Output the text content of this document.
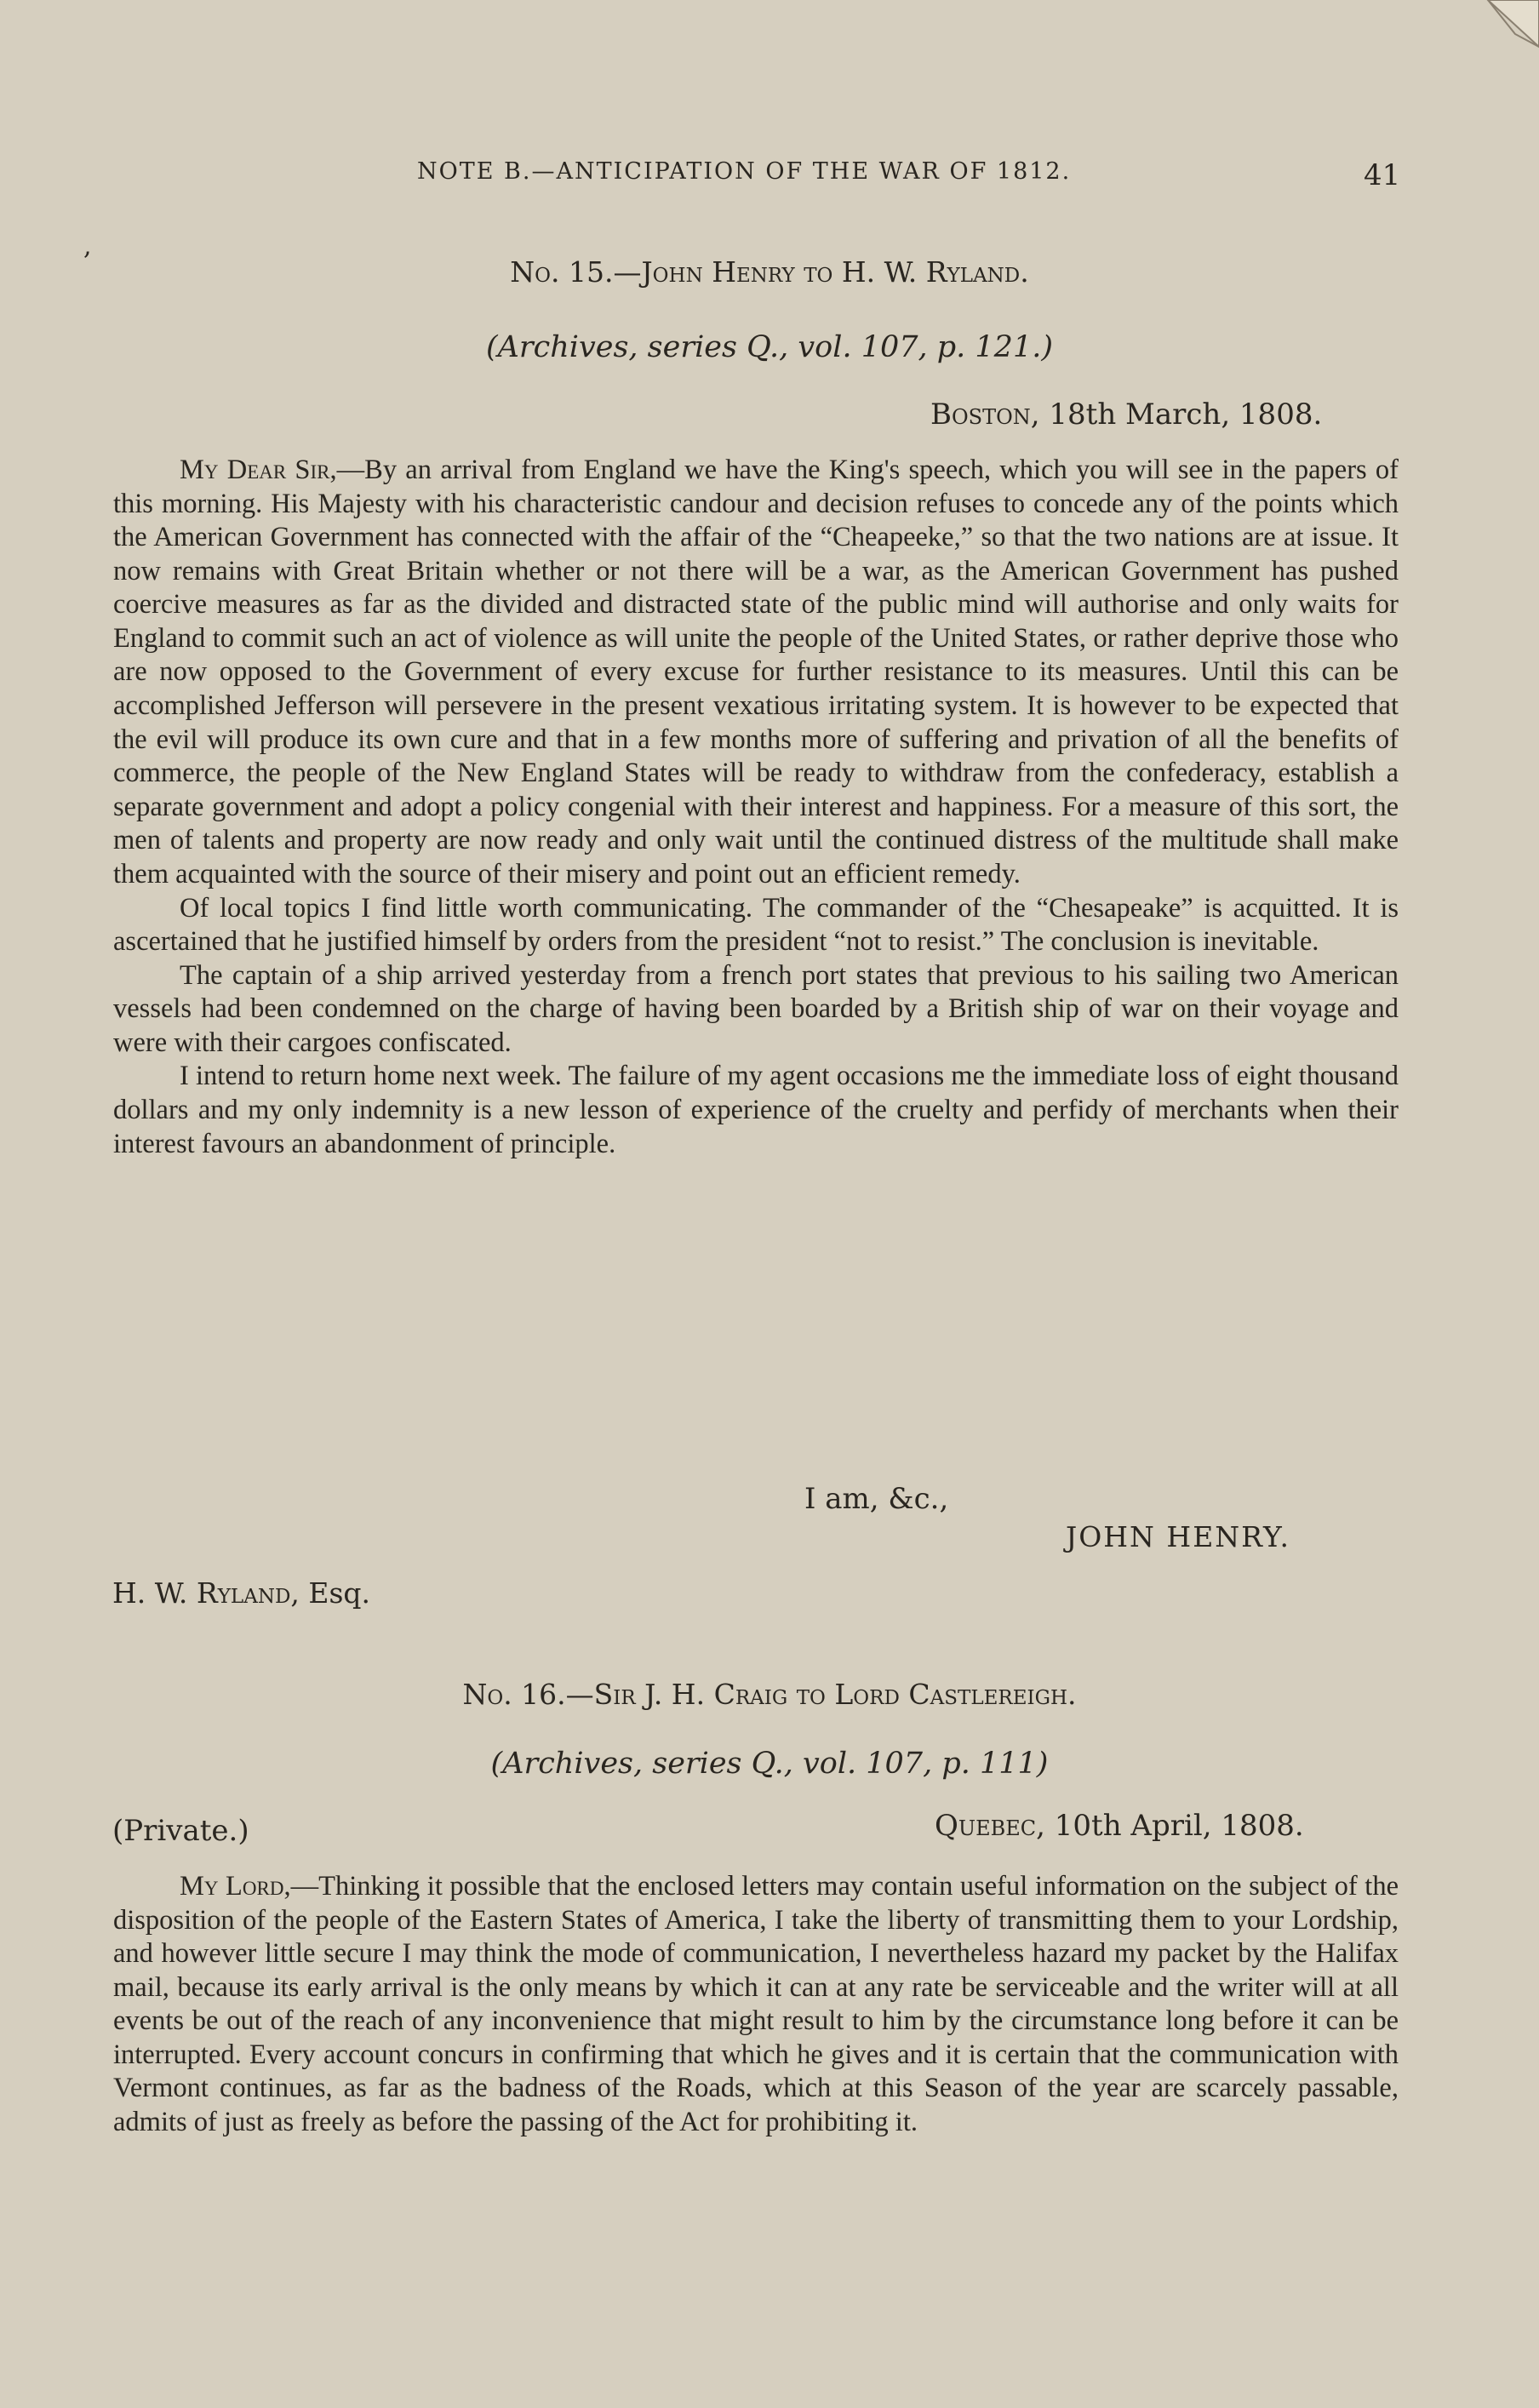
NOTE B.—ANTICIPATION OF THE WAR OF 1812.	41
,
No. 15.—John Henry to H. W. Ryland.
(Archives, series Q., vol. 107, p. 121.)
Boston, 18th March, 1808.

My Dear Sir,—By an arrival from England we have the King's speech, which you will see in the papers of this morning. His Majesty with his characteristic candour and decision refuses to concede any of the points which the American Government has connected with the affair of the “Cheapeeke,” so that the two nations are at issue. It now remains with Great Britain whether or not there will be a war, as the American Government has pushed coercive measures as far as the divided and distracted state of the public mind will authorise and only waits for England to commit such an act of violence as will unite the people of the United States, or rather deprive those who are now opposed to the Government of every excuse for further resistance to its measures. Until this can be accomplished Jefferson will persevere in the present vexatious irritating system. It is however to be expected that the evil will produce its own cure and that in a few months more of suffering and privation of all the benefits of commerce, the people of the New England States will be ready to withdraw from the confederacy, establish a separate government and adopt a policy congenial with their interest and happiness. For a measure of this sort, the men of talents and property are now ready and only wait until the continued distress of the multitude shall make them acquainted with the source of their misery and point out an efficient remedy.

Of local topics I find little worth communicating. The commander of the “Chesapeake” is acquitted. It is ascertained that he justified himself by orders from the president “not to resist.” The conclusion is inevitable.

The captain of a ship arrived yesterday from a french port states that previous to his sailing two American vessels had been condemned on the charge of having been boarded by a British ship of war on their voyage and were with their cargoes confiscated.

I intend to return home next week. The failure of my agent occasions me the immediate loss of eight thousand dollars and my only indemnity is a new lesson of experience of the cruelty and perfidy of merchants when their interest favours an abandonment of principle.

I am, &c.,
JOHN HENRY.
H. W. Ryland, Esq.
No. 16.—Sir J. H. Craig to Lord Castlereigh.
(Archives, series Q., vol. 107, p. 111)
(Private.)	Quebec, 10th April, 1808.

My Lord,—Thinking it possible that the enclosed letters may contain useful information on the subject of the disposition of the people of the Eastern States of America, I take the liberty of transmitting them to your Lordship, and however little secure I may think the mode of communication, I nevertheless hazard my packet by the Halifax mail, because its early arrival is the only means by which it can at any rate be serviceable and the writer will at all events be out of the reach of any inconvenience that might result to him by the circumstance long before it can be interrupted. Every account concurs in confirming that which he gives and it is certain that the communication with Vermont continues, as far as the badness of the Roads, which at this Season of the year are scarcely passable, admits of just as freely as before the passing of the Act for prohibiting it.
